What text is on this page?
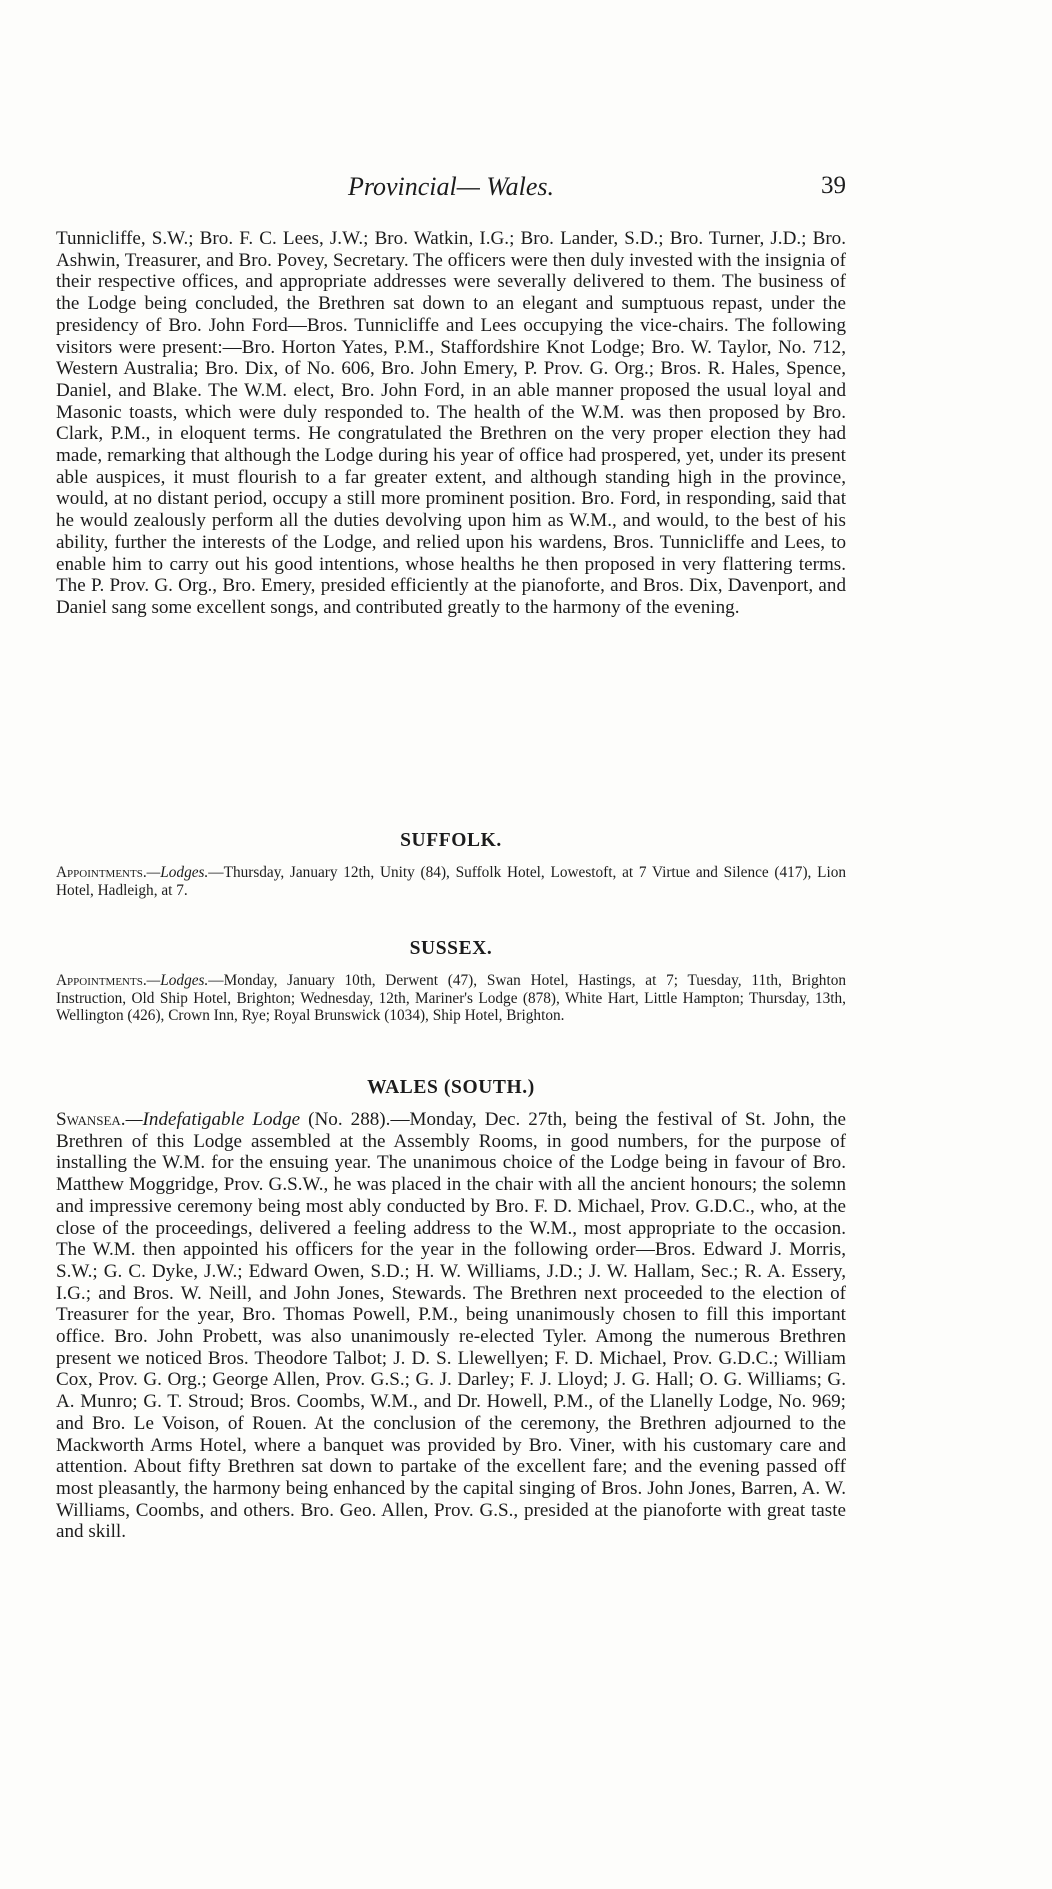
Provincial— Wales.	39

Tunnicliffe, S.W.; Bro. F. C. Lees, J.W.; Bro. Watkin, I.G.; Bro. Lander, S.D.; Bro. Turner, J.D.; Bro. Ashwin, Treasurer, and Bro. Povey, Secretary. The officers were then duly invested with the insignia of their respective offices, and appropriate addresses were severally delivered to them. The business of the Lodge being concluded, the Brethren sat down to an elegant and sumptuous repast, under the presidency of Bro. John Ford—Bros. Tunnicliffe and Lees occupying the vice-chairs. The following visitors were present:—Bro. Horton Yates, P.M., Staffordshire Knot Lodge; Bro. W. Taylor, No. 712, Western Australia; Bro. Dix, of No. 606, Bro. John Emery, P. Prov. G. Org.; Bros. R. Hales, Spence, Daniel, and Blake. The W.M. elect, Bro. John Ford, in an able manner proposed the usual loyal and Masonic toasts, which were duly responded to. The health of the W.M. was then proposed by Bro. Clark, P.M., in eloquent terms. He congratulated the Brethren on the very proper election they had made, remarking that although the Lodge during his year of office had prospered, yet, under its present able auspices, it must flourish to a far greater extent, and although standing high in the province, would, at no distant period, occupy a still more prominent position. Bro. Ford, in responding, said that he would zealously perform all the duties devolving upon him as W.M., and would, to the best of his ability, further the interests of the Lodge, and relied upon his wardens, Bros. Tunnicliffe and Lees, to enable him to carry out his good intentions, whose healths he then proposed in very flattering terms. The P. Prov. G. Org., Bro. Emery, presided efficiently at the pianoforte, and Bros. Dix, Davenport, and Daniel sang some excellent songs, and contributed greatly to the harmony of the evening.

SUFFOLK.

Appointments.—Lodges.—Thursday, January 12th, Unity (84), Suffolk Hotel, Lowestoft, at 7 Virtue and Silence (417), Lion Hotel, Hadleigh, at 7.

SUSSEX.

Appointments.—Lodges.—Monday, January 10th, Derwent (47), Swan Hotel, Hastings, at 7; Tuesday, 11th, Brighton Instruction, Old Ship Hotel, Brighton; Wednesday, 12th, Mariner's Lodge (878), White Hart, Little Hampton; Thursday, 13th, Wellington (426), Crown Inn, Rye; Royal Brunswick (1034), Ship Hotel, Brighton.

WALES (SOUTH.)

Swansea.—Indefatigable Lodge (No. 288).—Monday, Dec. 27th, being the festival of St. John, the Brethren of this Lodge assembled at the Assembly Rooms, in good numbers, for the purpose of installing the W.M. for the ensuing year. The unanimous choice of the Lodge being in favour of Bro. Matthew Moggridge, Prov. G.S.W., he was placed in the chair with all the ancient honours; the solemn and impressive ceremony being most ably conducted by Bro. F. D. Michael, Prov. G.D.C., who, at the close of the proceedings, delivered a feeling address to the W.M., most appropriate to the occasion. The W.M. then appointed his officers for the year in the following order—Bros. Edward J. Morris, S.W.; G. C. Dyke, J.W.; Edward Owen, S.D.; H. W. Williams, J.D.; J. W. Hallam, Sec.; R. A. Essery, I.G.; and Bros. W. Neill, and John Jones, Stewards. The Brethren next proceeded to the election of Treasurer for the year, Bro. Thomas Powell, P.M., being unanimously chosen to fill this important office. Bro. John Probett, was also unanimously re-elected Tyler. Among the numerous Brethren present we noticed Bros. Theodore Talbot; J. D. S. Llewellyen; F. D. Michael, Prov. G.D.C.; William Cox, Prov. G. Org.; George Allen, Prov. G.S.; G. J. Darley; F. J. Lloyd; J. G. Hall; O. G. Williams; G. A. Munro; G. T. Stroud; Bros. Coombs, W.M., and Dr. Howell, P.M., of the Llanelly Lodge, No. 969; and Bro. Le Voison, of Rouen. At the conclusion of the ceremony, the Brethren adjourned to the Mackworth Arms Hotel, where a banquet was provided by Bro. Viner, with his customary care and attention. About fifty Brethren sat down to partake of the excellent fare; and the evening passed off most pleasantly, the harmony being enhanced by the capital singing of Bros. John Jones, Barren, A. W. Williams, Coombs, and others. Bro. Geo. Allen, Prov. G.S., presided at the pianoforte with great taste and skill.
